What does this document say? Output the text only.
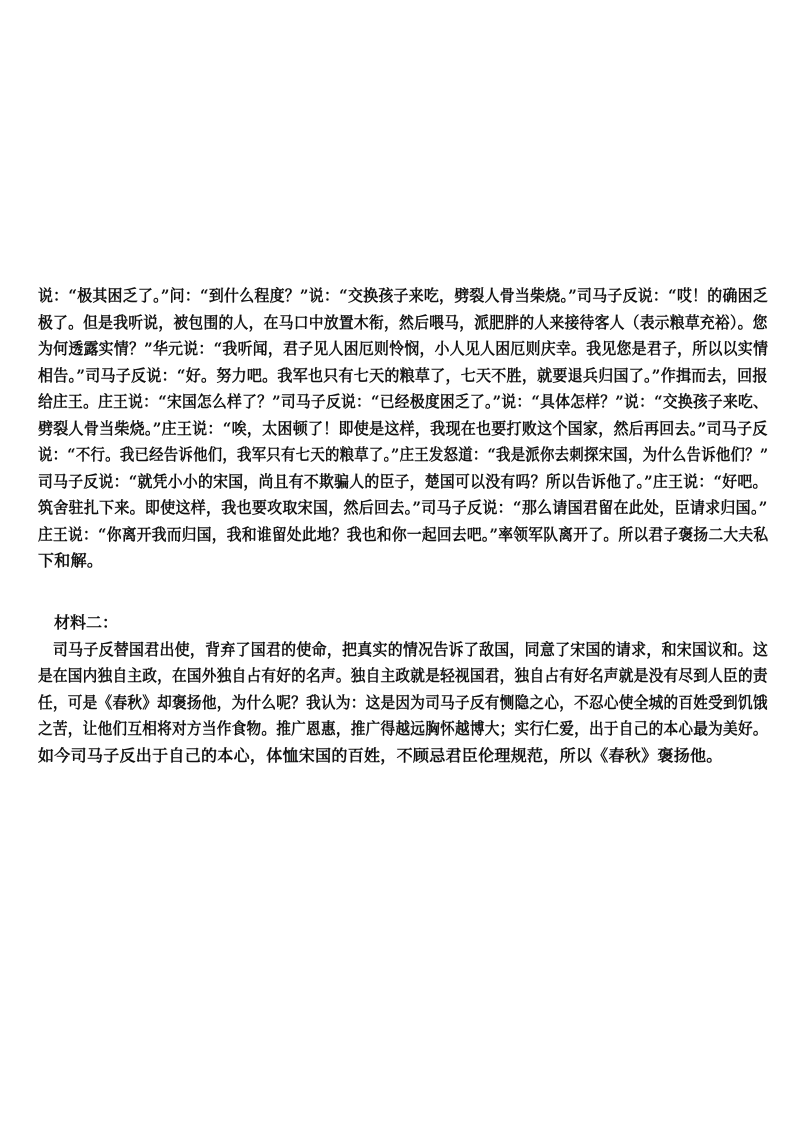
说：“极其困乏了。”问：“到什么程度？”说：“交换孩子来吃，劈裂人骨当柴烧。”司马子反说：“哎！的确困乏
极了。但是我听说，被包围的人，在马口中放置木衔，然后喂马，派肥胖的人来接待客人（表示粮草充裕）。您
为何透露实情？”华元说：“我听闻，君子见人困厄则怜悯，小人见人困厄则庆幸。我见您是君子，所以以实情
相告。”司马子反说：“好。努力吧。我军也只有七天的粮草了，七天不胜，就要退兵归国了。”作揖而去，回报
给庄王。庄王说：“宋国怎么样了？”司马子反说：“已经极度困乏了。”说：“具体怎样？”说：“交换孩子来吃、
劈裂人骨当柴烧。”庄王说：“唉，太困顿了！即使是这样，我现在也要打败这个国家，然后再回去。”司马子反
说：“不行。我已经告诉他们，我军只有七天的粮草了。”庄王发怒道：“我是派你去刺探宋国，为什么告诉他们？”
司马子反说：“就凭小小的宋国，尚且有不欺骗人的臣子，楚国可以没有吗？所以告诉他了。”庄王说：“好吧。
筑舍驻扎下来。即使这样，我也要攻取宋国，然后回去。”司马子反说：“那么请国君留在此处，臣请求归国。”
庄王说：“你离开我而归国，我和谁留处此地？我也和你一起回去吧。”率领军队离开了。所以君子褒扬二大夫私
下和解。
材料二：
司马子反替国君出使，背弃了国君的使命，把真实的情况告诉了敌国，同意了宋国的请求，和宋国议和。这
是在国内独自主政，在国外独自占有好的名声。独自主政就是轻视国君，独自占有好名声就是没有尽到人臣的责
任，可是《春秋》却褒扬他，为什么呢？我认为：这是因为司马子反有恻隐之心，不忍心使全城的百姓受到饥饿
之苦，让他们互相将对方当作食物。推广恩惠，推广得越远胸怀越博大；实行仁爱，出于自己的本心最为美好。
如今司马子反出于自己的本心，体恤宋国的百姓，不顾忌君臣伦理规范，所以《春秋》褒扬他。
